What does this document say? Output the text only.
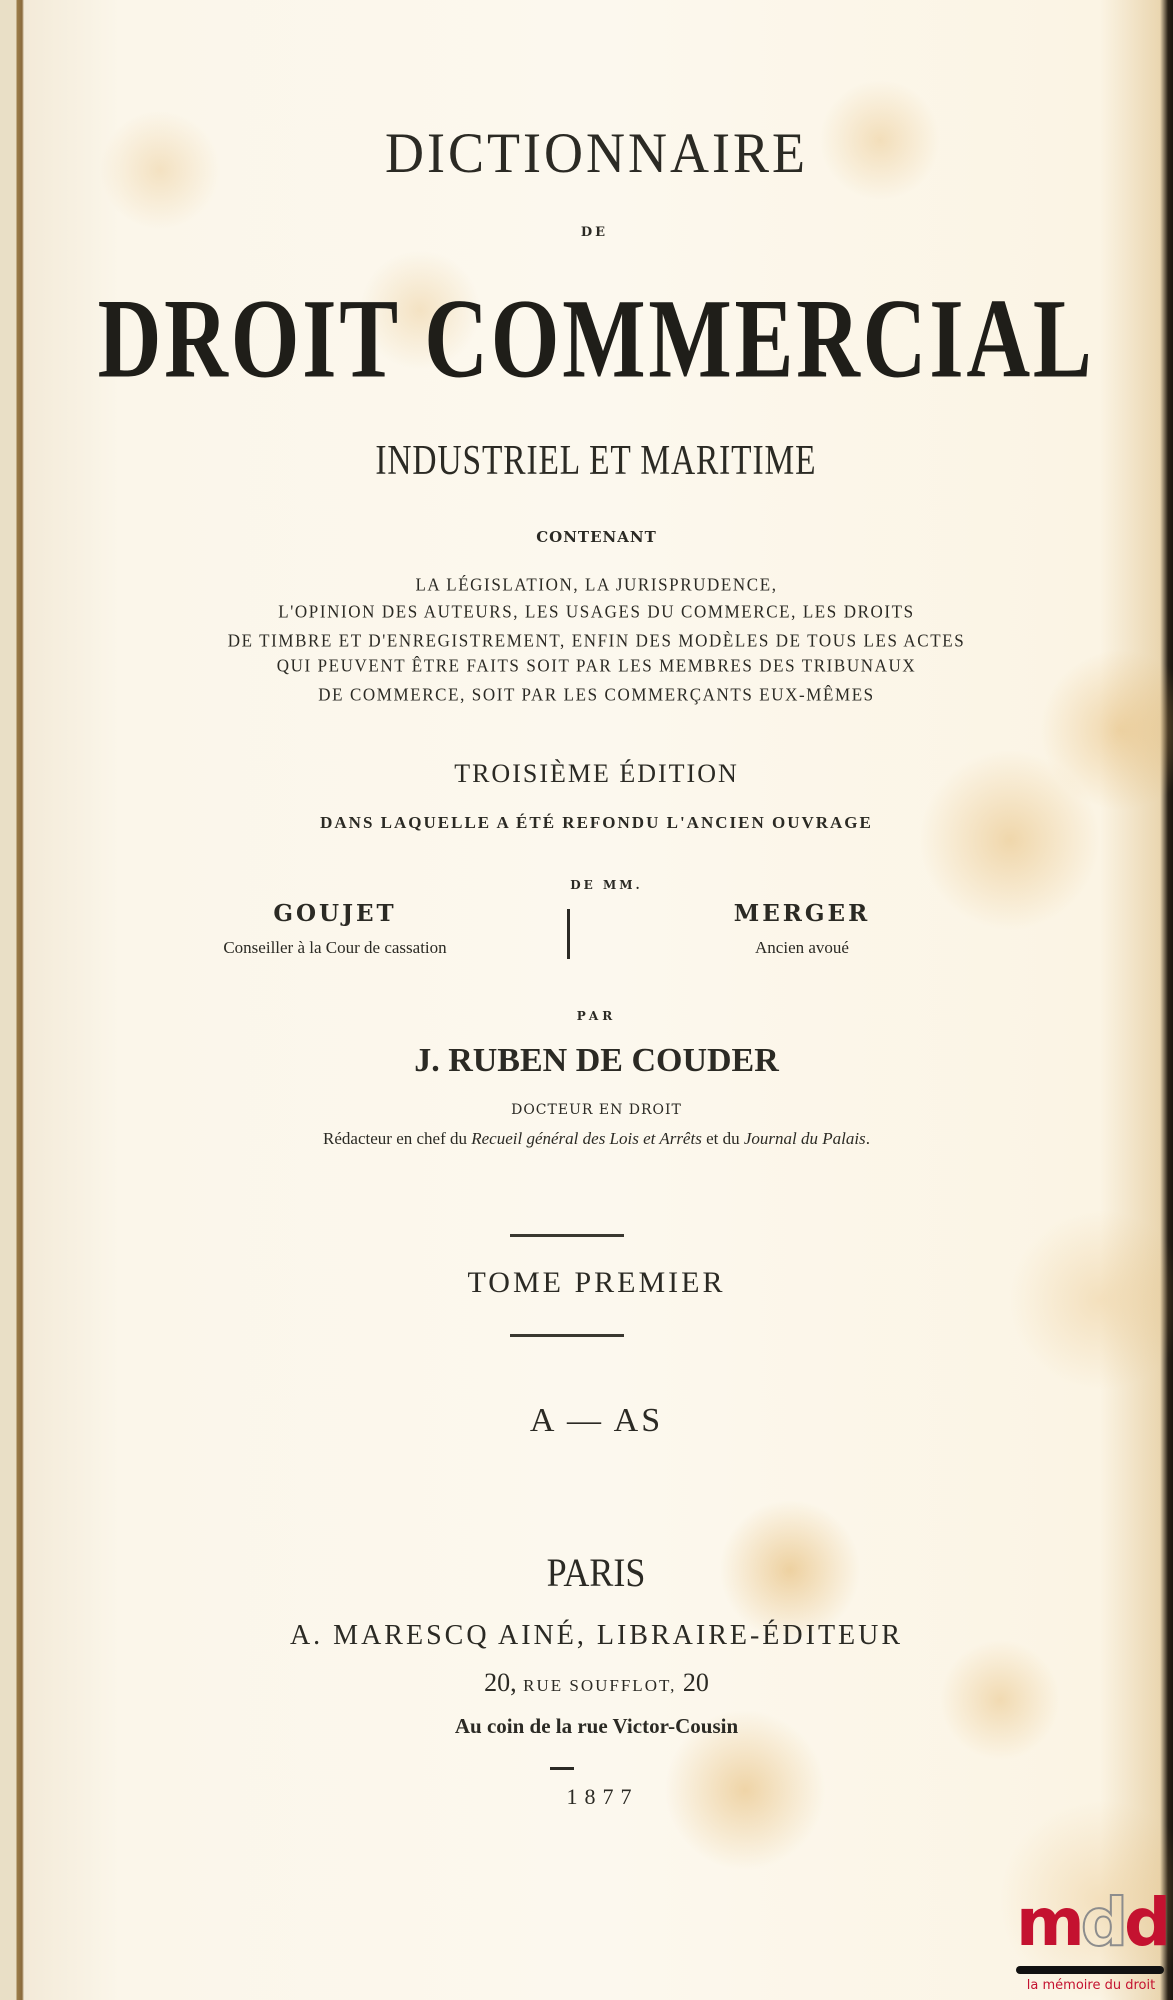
DICTIONNAIRE
DE
DROIT COMMERCIAL
INDUSTRIEL ET MARITIME
CONTENANT
LA LÉGISLATION, LA JURISPRUDENCE,
L'OPINION DES AUTEURS, LES USAGES DU COMMERCE, LES DROITS
DE TIMBRE ET D'ENREGISTREMENT, ENFIN DES MODÈLES DE TOUS LES ACTES
QUI PEUVENT ÊTRE FAITS SOIT PAR LES MEMBRES DES TRIBUNAUX
DE COMMERCE, SOIT PAR LES COMMERÇANTS EUX-MÊMES
TROISIÈME ÉDITION
DANS LAQUELLE A ÉTÉ REFONDU L'ANCIEN OUVRAGE
DE MM.
GOUJET
Conseiller à la Cour de cassation
MERGER
Ancien avoué
PAR
J. RUBEN DE COUDER
DOCTEUR EN DROIT
Rédacteur en chef du Recueil général des Lois et Arrêts et du Journal du Palais.
TOME PREMIER
A — AS
PARIS
A. MARESCQ AINÉ, LIBRAIRE-ÉDITEUR
20, RUE SOUFFLOT, 20
Au coin de la rue Victor-Cousin
1877
mdd
la mémoire du droit
